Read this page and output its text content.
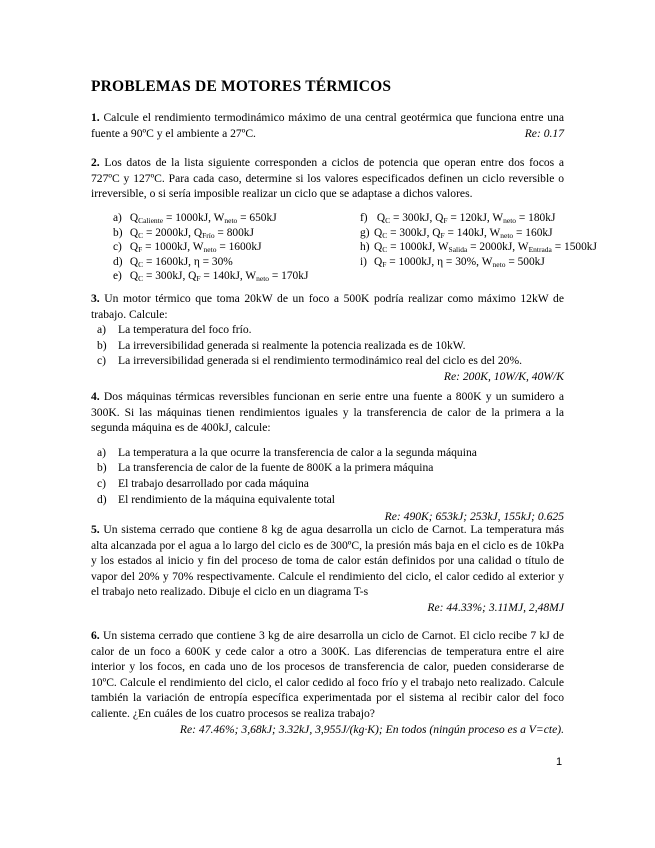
PROBLEMAS DE MOTORES TÉRMICOS
1. Calcule el rendimiento termodinámico máximo de una central geotérmica que funciona entre una fuente a 90ºC y el ambiente a 27ºC.	Re: 0.17
2. Los datos de la lista siguiente corresponden a ciclos de potencia que operan entre dos focos a 727ºC y 127ºC. Para cada caso, determine si los valores especificados definen un ciclo reversible o irreversible, o si sería imposible realizar un ciclo que se adaptase a dichos valores.
a) $Q_{Caliente} = 1000kJ$, $W_{neto} = 650kJ$	f) $Q_C = 300kJ$, $Q_F = 120kJ$, $W_{neto} = 180kJ$
b) $Q_C = 2000kJ$, $Q_{Frío} = 800kJ$	g) $Q_C = 300kJ$, $Q_F = 140kJ$, $W_{neto} = 160kJ$
c) $Q_F = 1000kJ$, $W_{neto} = 1600kJ$	h) $Q_C = 1000kJ$, $W_{Salida} = 2000kJ$, $W_{Entrada} = 1500kJ$
d) $Q_C = 1600kJ$, η = 30%	i) $Q_F = 1000kJ$, η = 30%, $W_{neto} = 500kJ$
e) $Q_C = 300kJ$, $Q_F = 140kJ$, $W_{neto} = 170kJ$
3. Un motor térmico que toma 20kW de un foco a 500K podría realizar como máximo 12kW de trabajo. Calcule:
a) La temperatura del foco frío.
b) La irreversibilidad generada si realmente la potencia realizada es de 10kW.
c) La irreversibilidad generada si el rendimiento termodinámico real del ciclo es del 20%.
Re: 200K, 10W/K, 40W/K
4. Dos máquinas térmicas reversibles funcionan en serie entre una fuente a 800K y un sumidero a 300K. Si las máquinas tienen rendimientos iguales y la transferencia de calor de la primera a la segunda máquina es de 400kJ, calcule:
a) La temperatura a la que ocurre la transferencia de calor a la segunda máquina
b) La transferencia de calor de la fuente de 800K a la primera máquina
c) El trabajo desarrollado por cada máquina
d) El rendimiento de la máquina equivalente total
Re: 490K; 653kJ; 253kJ, 155kJ; 0.625
5. Un sistema cerrado que contiene 8 kg de agua desarrolla un ciclo de Carnot. La temperatura más alta alcanzada por el agua a lo largo del ciclo es de 300ºC, la presión más baja en el ciclo es de 10kPa y los estados al inicio y fin del proceso de toma de calor están definidos por una calidad o título de vapor del 20% y 70% respectivamente. Calcule el rendimiento del ciclo, el calor cedido al exterior y el trabajo neto realizado. Dibuje el ciclo en un diagrama T-s
Re: 44.33%; 3.11MJ, 2,48MJ
6. Un sistema cerrado que contiene 3 kg de aire desarrolla un ciclo de Carnot. El ciclo recibe 7 kJ de calor de un foco a 600K y cede calor a otro a 300K. Las diferencias de temperatura entre el aire interior y los focos, en cada uno de los procesos de transferencia de calor, pueden considerarse de 10ºC. Calcule el rendimiento del ciclo, el calor cedido al foco frío y el trabajo neto realizado. Calcule también la variación de entropía específica experimentada por el sistema al recibir calor del foco caliente. ¿En cuáles de los cuatro procesos se realiza trabajo?
Re: 47.46%; 3,68kJ; 3.32kJ, 3,955J/(kg·K); En todos (ningún proceso es a V=cte).
1
